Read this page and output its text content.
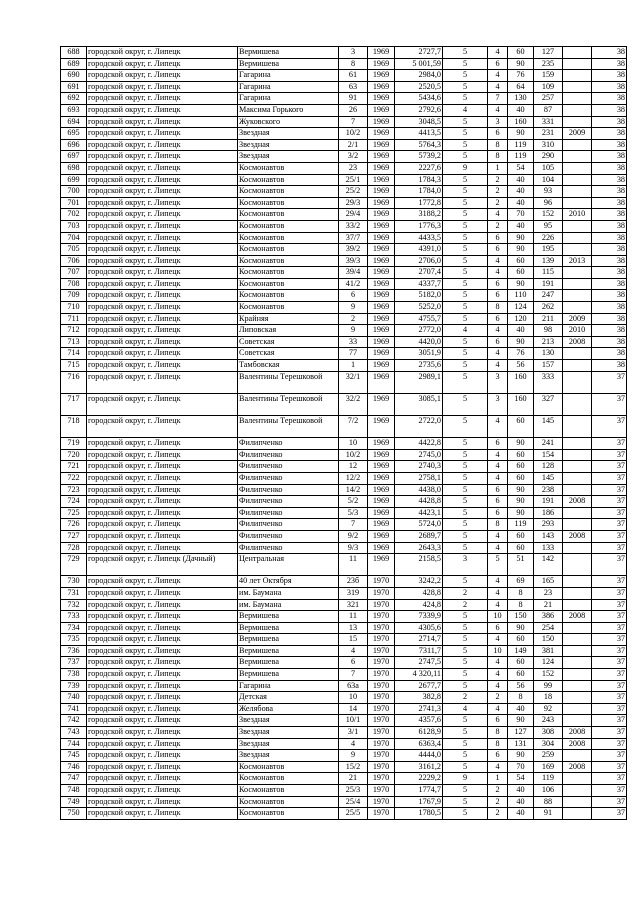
688	городской округ, г. Липецк	Вермишева	3	1969	2727,7	5	4	60	127		38
689	городской округ, г. Липецк	Вермишева	8	1969	5 001,59	5	6	90	235		38
690	городской округ, г. Липецк	Гагарина	61	1969	2984,0	5	4	76	159		38
691	городской округ, г. Липецк	Гагарина	63	1969	2520,5	5	4	64	109		38
692	городской округ, г. Липецк	Гагарина	91	1969	5434,6	5	7	130	257		38
693	городской округ, г. Липецк	Максима Горького	26	1969	2792,6	4	4	40	87		38
694	городской округ, г. Липецк	Жуковского	7	1969	3048,5	5	3	160	331		38
695	городской округ, г. Липецк	Звездная	10/2	1969	4413,5	5	6	90	231	2009	38
696	городской округ, г. Липецк	Звездная	2/1	1969	5764,3	5	8	119	310		38
697	городской округ, г. Липецк	Звездная	3/2	1969	5739,2	5	8	119	290		38
698	городской округ, г. Липецк	Космонавтов	23	1969	2227,6	9	1	54	105		38
699	городской округ, г. Липецк	Космонавтов	25/1	1969	1784,3	5	2	40	104		38
700	городской округ, г. Липецк	Космонавтов	25/2	1969	1784,0	5	2	40	93		38
701	городской округ, г. Липецк	Космонавтов	29/3	1969	1772,8	5	2	40	96		38
702	городской округ, г. Липецк	Космонавтов	29/4	1969	3188,2	5	4	70	152	2010	38
703	городской округ, г. Липецк	Космонавтов	33/2	1969	1776,3	5	2	40	95		38
704	городской округ, г. Липецк	Космонавтов	37/7	1969	4433,5	5	6	90	226		38
705	городской округ, г. Липецк	Космонавтов	39/2	1969	4391,0	5	6	90	195		38
706	городской округ, г. Липецк	Космонавтов	39/3	1969	2706,0	5	4	60	139	2013	38
707	городской округ, г. Липецк	Космонавтов	39/4	1969	2707,4	5	4	60	115		38
708	городской округ, г. Липецк	Космонавтов	41/2	1969	4337,7	5	6	90	191		38
709	городской округ, г. Липецк	Космонавтов	6	1969	5182,0	5	6	110	247		38
710	городской округ, г. Липецк	Космонавтов	9	1969	5252,0	5	8	124	262		38
711	городской округ, г. Липецк	Крайняя	2	1969	4755,7	5	6	120	211	2009	38
712	городской округ, г. Липецк	Липовская	9	1969	2772,0	4	4	40	98	2010	38
713	городской округ, г. Липецк	Советская	33	1969	4420,0	5	6	90	213	2008	38
714	городской округ, г. Липецк	Советская	77	1969	3051,9	5	4	76	130		38
715	городской округ, г. Липецк	Тамбовская	1	1969	2735,6	5	4	56	157		38
716	городской округ, г. Липецк	Валентины Терешковой	32/1	1969	2989,1	5	3	160	333		37
717	городской округ, г. Липецк	Валентины Терешковой	32/2	1969	3085,1	5	3	160	327		37
718	городской округ, г. Липецк	Валентины Терешковой	7/2	1969	2722,0	5	4	60	145		37
719	городской округ, г. Липецк	Филипченко	10	1969	4422,8	5	6	90	241		37
720	городской округ, г. Липецк	Филипченко	10/2	1969	2745,0	5	4	60	154		37
721	городской округ, г. Липецк	Филипченко	12	1969	2740,3	5	4	60	128		37
722	городской округ, г. Липецк	Филипченко	12/2	1969	2758,1	5	4	60	145		37
723	городской округ, г. Липецк	Филипченко	14/2	1969	4438,0	5	6	90	238		37
724	городской округ, г. Липецк	Филипченко	5/2	1969	4428,8	5	6	90	191	2008	37
725	городской округ, г. Липецк	Филипченко	5/3	1969	4423,1	5	6	90	186		37
726	городской округ, г. Липецк	Филипченко	7	1969	5724,0	5	8	119	293		37
727	городской округ, г. Липецк	Филипченко	9/2	1969	2689,7	5	4	60	143	2008	37
728	городской округ, г. Липецк	Филипченко	9/3	1969	2643,3	5	4	60	133		37
729	городской округ, г. Липецк (Дачный)	Центральная	11	1969	2158,5	3	5	51	142		37
730	городской округ, г. Липецк	40 лет Октября	23б	1970	3242,2	5	4	69	165		37
731	городской округ, г. Липецк	им. Баумана	319	1970	428,8	2	4	8	23		37
732	городской округ, г. Липецк	им. Баумана	321	1970	424,8	2	4	8	21		37
733	городской округ, г. Липецк	Вермишева	11	1970	7339,9	5	10	150	386	2008	37
734	городской округ, г. Липецк	Вермишева	13	1970	4305,6	5	6	90	254		37
735	городской округ, г. Липецк	Вермишева	15	1970	2714,7	5	4	60	150		37
736	городской округ, г. Липецк	Вермишева	4	1970	7311,7	5	10	149	381		37
737	городской округ, г. Липецк	Вермишева	6	1970	2747,5	5	4	60	124		37
738	городской округ, г. Липецк	Вермишева	7	1970	4 320,11	5	4	60	152		37
739	городской округ, г. Липецк	Гагарина	63а	1970	2677,7	5	4	56	99		37
740	городской округ, г. Липецк	Детская	10	1970	382,8	2	2	8	18		37
741	городской округ, г. Липецк	Желябова	14	1970	2741,3	4	4	40	92		37
742	городской округ, г. Липецк	Звездная	10/1	1970	4357,6	5	6	90	243		37
743	городской округ, г. Липецк	Звездная	3/1	1970	6128,9	5	8	127	308	2008	37
744	городской округ, г. Липецк	Звездная	4	1970	6363,4	5	8	131	304	2008	37
745	городской округ, г. Липецк	Звездная	9	1970	4444,0	5	6	90	259		37
746	городской округ, г. Липецк	Космонавтов	15/2	1970	3161,2	5	4	70	169	2008	37
747	городской округ, г. Липецк	Космонавтов	21	1970	2229,2	9	1	54	119		37
748	городской округ, г. Липецк	Космонавтов	25/3	1970	1774,7	5	2	40	106		37
749	городской округ, г. Липецк	Космонавтов	25/4	1970	1767,9	5	2	40	88		37
750	городской округ, г. Липецк	Космонавтов	25/5	1970	1780,5	5	2	40	91		37
